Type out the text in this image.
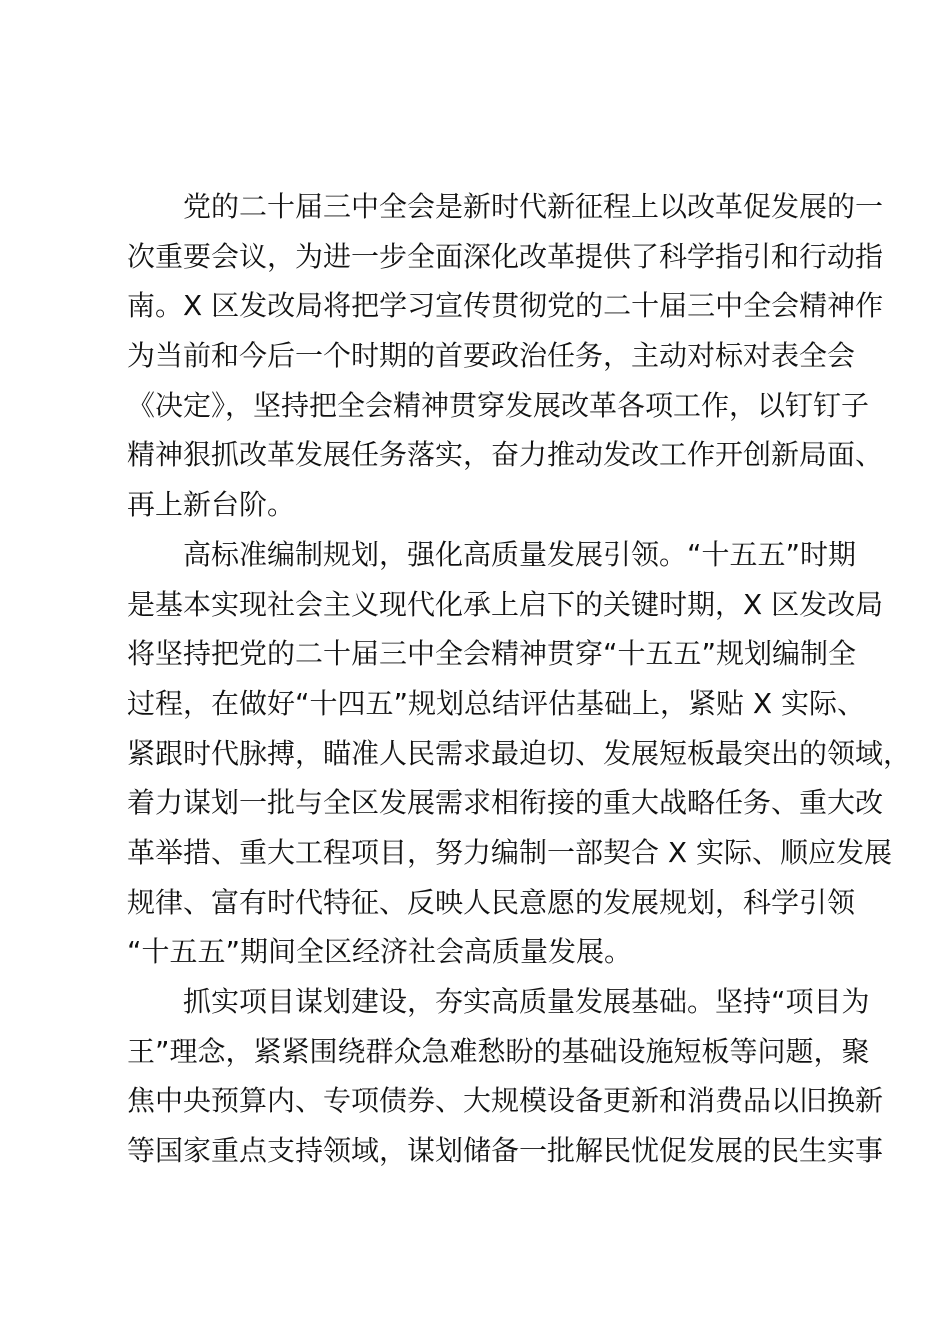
党的二十届三中全会是新时代新征程上以改革促发展的一
次重要会议，为进一步全面深化改革提供了科学指引和行动指
南。X 区发改局将把学习宣传贯彻党的二十届三中全会精神作
为当前和今后一个时期的首要政治任务，主动对标对表全会
《决定》，坚持把全会精神贯穿发展改革各项工作，以钉钉子
精神狠抓改革发展任务落实，奋力推动发改工作开创新局面、
再上新台阶。
高标准编制规划，强化高质量发展引领。“十五五”时期
是基本实现社会主义现代化承上启下的关键时期，X 区发改局
将坚持把党的二十届三中全会精神贯穿“十五五”规划编制全
过程，在做好“十四五”规划总结评估基础上，紧贴 X 实际、
紧跟时代脉搏，瞄准人民需求最迫切、发展短板最突出的领域，
着力谋划一批与全区发展需求相衔接的重大战略任务、重大改
革举措、重大工程项目，努力编制一部契合 X 实际、顺应发展
规律、富有时代特征、反映人民意愿的发展规划，科学引领
“十五五”期间全区经济社会高质量发展。
抓实项目谋划建设，夯实高质量发展基础。坚持“项目为
王”理念，紧紧围绕群众急难愁盼的基础设施短板等问题，聚
焦中央预算内、专项债券、大规模设备更新和消费品以旧换新
等国家重点支持领域，谋划储备一批解民忧促发展的民生实事
